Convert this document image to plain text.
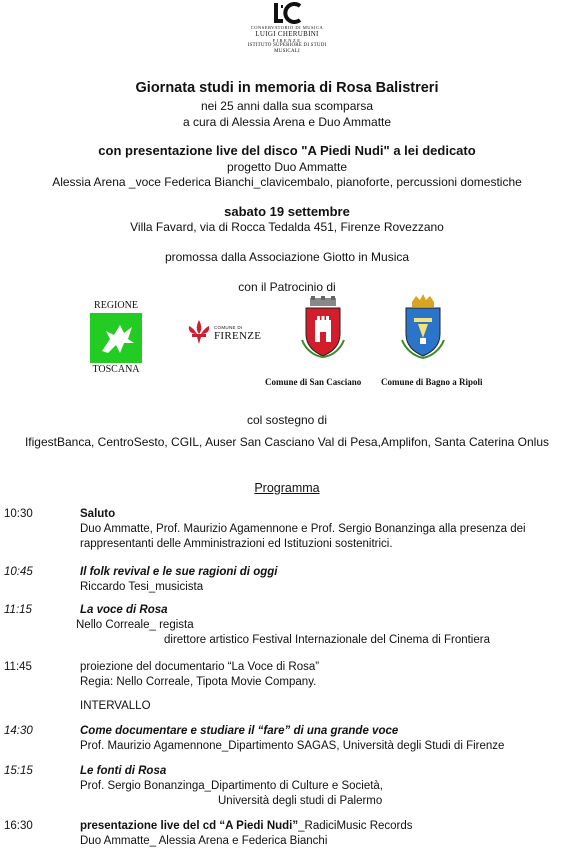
CONSERVATORIO DI MUSICA
LUIGI CHERUBINI
FIRENZE
ISTITUTO SUPERIORE DI STUDI MUSICALI
Giornata studi in memoria di Rosa Balistreri
nei 25 anni dalla sua scomparsa
a cura di Alessia Arena e Duo Ammatte
con presentazione live del disco "A Piedi Nudi" a lei dedicato
progetto Duo Ammatte
Alessia Arena _voce Federica Bianchi_clavicembalo, pianoforte, percussioni domestiche
sabato 19 settembre
Villa Favard, via di Rocca Tedalda 451, Firenze Rovezzano
promossa dalla Associazione Giotto in Musica
con il Patrocinio di
REGIONE
TOSCANA
COMUNE DI
FIRENZE
Comune di San Casciano Comune di Bagno a Ripoli
col sostegno di
IfigestBanca, CentroSesto, CGIL, Auser San Casciano Val di Pesa,Amplifon, Santa Caterina Onlus
Programma
10:30	Saluto
Duo Ammatte, Prof. Maurizio Agamennone e Prof. Sergio Bonanzinga alla presenza dei
rappresentanti delle Amministrazioni ed Istituzioni sostenitrici.
10:45	Il folk revival e le sue ragioni di oggi
Riccardo Tesi_musicista
11:15	La voce di Rosa
Nello Correale_ regista
direttore artistico Festival Internazionale del Cinema di Frontiera
11:45	proiezione del documentario “La Voce di Rosa”
Regia: Nello Correale, Tipota Movie Company.
INTERVALLO
14:30	Come documentare e studiare il “fare” di una grande voce
Prof. Maurizio Agamennone_Dipartimento SAGAS, Università degli Studi di Firenze
15:15	Le fonti di Rosa
Prof. Sergio Bonanzinga_Dipartimento di Culture e Società,
Università degli studi di Palermo
16:30	presentazione live del cd “A Piedi Nudi”_RadiciMusic Records
Duo Ammatte_ Alessia Arena e Federica Bianchi
